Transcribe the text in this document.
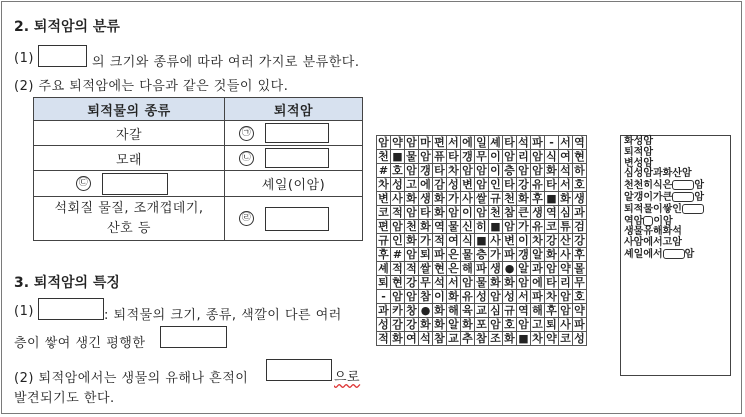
2. 퇴적암의 분류
(1)	의 크기와 종류에 따라 여러 가지로 분류한다.
(2) 주요 퇴적암에는 다음과 같은 것들이 있다.
퇴적물의 종류	퇴적암
자갈	㉠
모래	㉡
㉢	셰일(이암)

석회질 물질, 조개껍데기,
산호 등	㉣
3. 퇴적암의 특징
(1)	: 퇴적물의 크기, 종류, 색깔이 다른 여러
층이 쌓여 생긴 평행한
(2) 퇴적암에서는 생물의 유해나 흔적이	으로
발견되기도 한다.
암	약	암	마	편	서	에	일	셰	타	석	파	-	서	역
천	■	물	암	퓨	타	갱	무	이	암	리	암	식	여	현
#	호	암	갱	타	차	암	암	이	층	암	암	화	석	하
차	성	고	에	감	성	변	암	인	타	강	유	타	서	호
변	사	화	생	화	가	사	쌀	규	천	화	후	■	화	생
코	적	암	타	화	암	이	암	천	참	큰	생	역	심	과
편	암	천	화	역	물	신	히	■	암	가	유	코	튜	검
규	인	화	가	적	여	식	■	사	변	이	차	강	산	강
후	#	암	퇴	파	은	물	층	가	파	갱	알	화	사	후
셰	적	적	쌀	현	은	해	파	생	●	알	과	암	약	몰
퇴	현	강	무	석	서	암	물	화	화	암	에	타	리	무
-	암	암	참	이	화	유	성	암	성	서	파	차	암	호
과	카	창	●	화	해	육	교	심	규	역	해	후	암	약
성	감	강	화	화	알	화	포	암	호	암	고	퇴	사	파
적	화	여	석	참	교	추	참	조	화	■	차	약	코	성
화성암
퇴적암
변성암
심성암과화산암
천천히식은 암
알갱이가큰 암
퇴적물이쌓인
역암 이암
생물유해화석
사암에서고암
셰일에서 암
